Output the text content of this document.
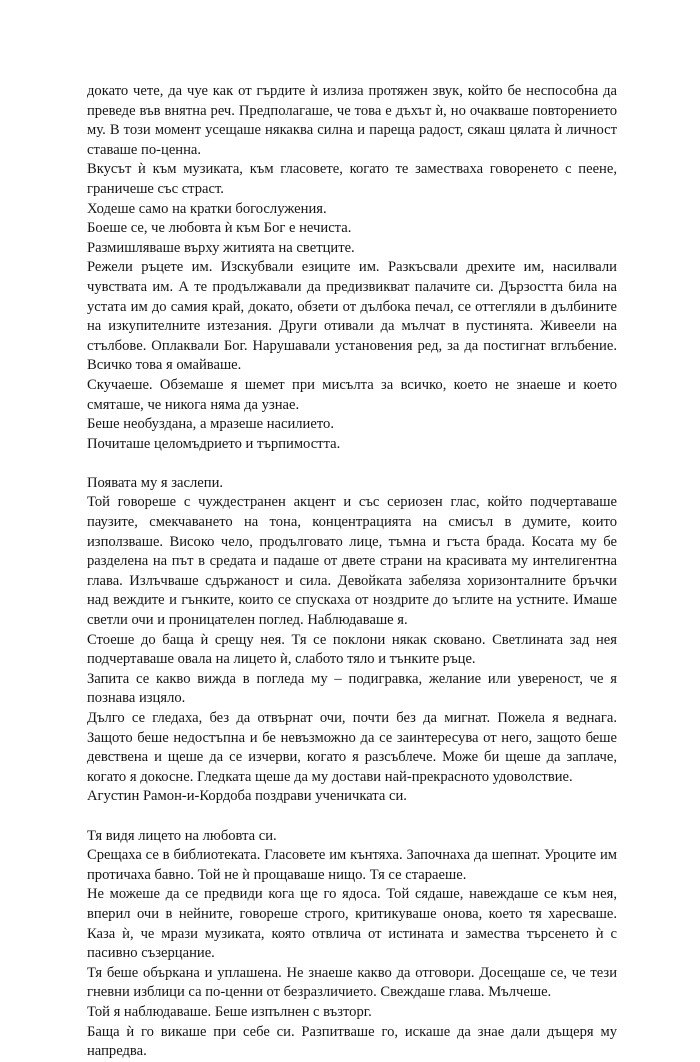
докато чете, да чуе как от гърдите ѝ излиза протяжен звук, който бе неспособна да преведе във внятна реч. Предполагаше, че това е дъхът ѝ, но очакваше повторението му. В този момент усещаше някаква силна и пареща радост, сякаш цялата ѝ личност ставаше по-ценна.

Вкусът ѝ към музиката, към гласовете, когато те заместваха говоренето с пеене, граничеше със страст.

Ходеше само на кратки богослужения.

Боеше се, че любовта ѝ към Бог е нечиста.

Размишляваше върху житията на светците.

Режели ръцете им. Изскубвали езиците им. Разкъсвали дрехите им, насилвали чувствата им. А те продължавали да предизвикват палачите си. Дързостта била на устата им до самия край, докато, обзети от дълбока печал, се оттегляли в дълбините на изкупителните изтезания. Други отивали да мълчат в пустинята. Живеели на стълбове. Оплаквали Бог. Нарушавали установения ред, за да постигнат вглъбение. Всичко това я омайваше.

Скучаеше. Обземаше я шемет при мисълта за всичко, което не знаеше и което смяташе, че никога няма да узнае.

Беше необуздана, а мразеше насилието.

Почиташе целомъдрието и търпимостта.

Появата му я заслепи.

Той говореше с чуждестранен акцент и със сериозен глас, който подчертаваше паузите, смекчаването на тона, концентрацията на смисъл в думите, които използваше. Високо чело, продълговато лице, тъмна и гъста брада. Косата му бе разделена на път в средата и падаше от двете страни на красивата му интелигентна глава. Излъчваше сдържаност и сила. Девойката забеляза хоризонталните бръчки над веждите и гънките, които се спускаха от ноздрите до ъглите на устните. Имаше светли очи и проницателен поглед. Наблюдаваше я.

Стоеше до баща ѝ срещу нея. Тя се поклони някак сковано. Светлината зад нея подчертаваше овала на лицето ѝ, слабото тяло и тънките ръце.

Запита се какво вижда в погледа му – подигравка, желание или увереност, че я познава изцяло.

Дълго се гледаха, без да отвърнат очи, почти без да мигнат. Пожела я веднага. Защото беше недостъпна и бе невъзможно да се заинтересува от него, защото беше девствена и щеше да се изчерви, когато я разсъблече. Може би щеше да заплаче, когато я докосне. Гледката щеше да му достави най-прекрасното удоволствие.

Агустин Рамон-и-Кордоба поздрави ученичката си.

Тя видя лицето на любовта си.

Срещаха се в библиотеката. Гласовете им кънтяха. Започнаха да шепнат. Уроците им протичаха бавно. Той не ѝ прощаваше нищо. Тя се стараеше.

Не можеше да се предвиди кога ще го ядоса. Той сядаше, навеждаше се към нея, вперил очи в нейните, говореше строго, критикуваше онова, което тя харесваше. Каза ѝ, че мрази музиката, която отвлича от истината и замества търсенето ѝ с пасивно съзерцание.

Тя беше объркана и уплашена. Не знаеше какво да отговори. Досещаше се, че тези гневни изблици са по-ценни от безразличието. Свеждаше глава. Мълчеше.

Той я наблюдаваше. Беше изпълнен с възторг.

Баща ѝ го викаше при себе си. Разпитваше го, искаше да знае дали дъщеря му напредва.
